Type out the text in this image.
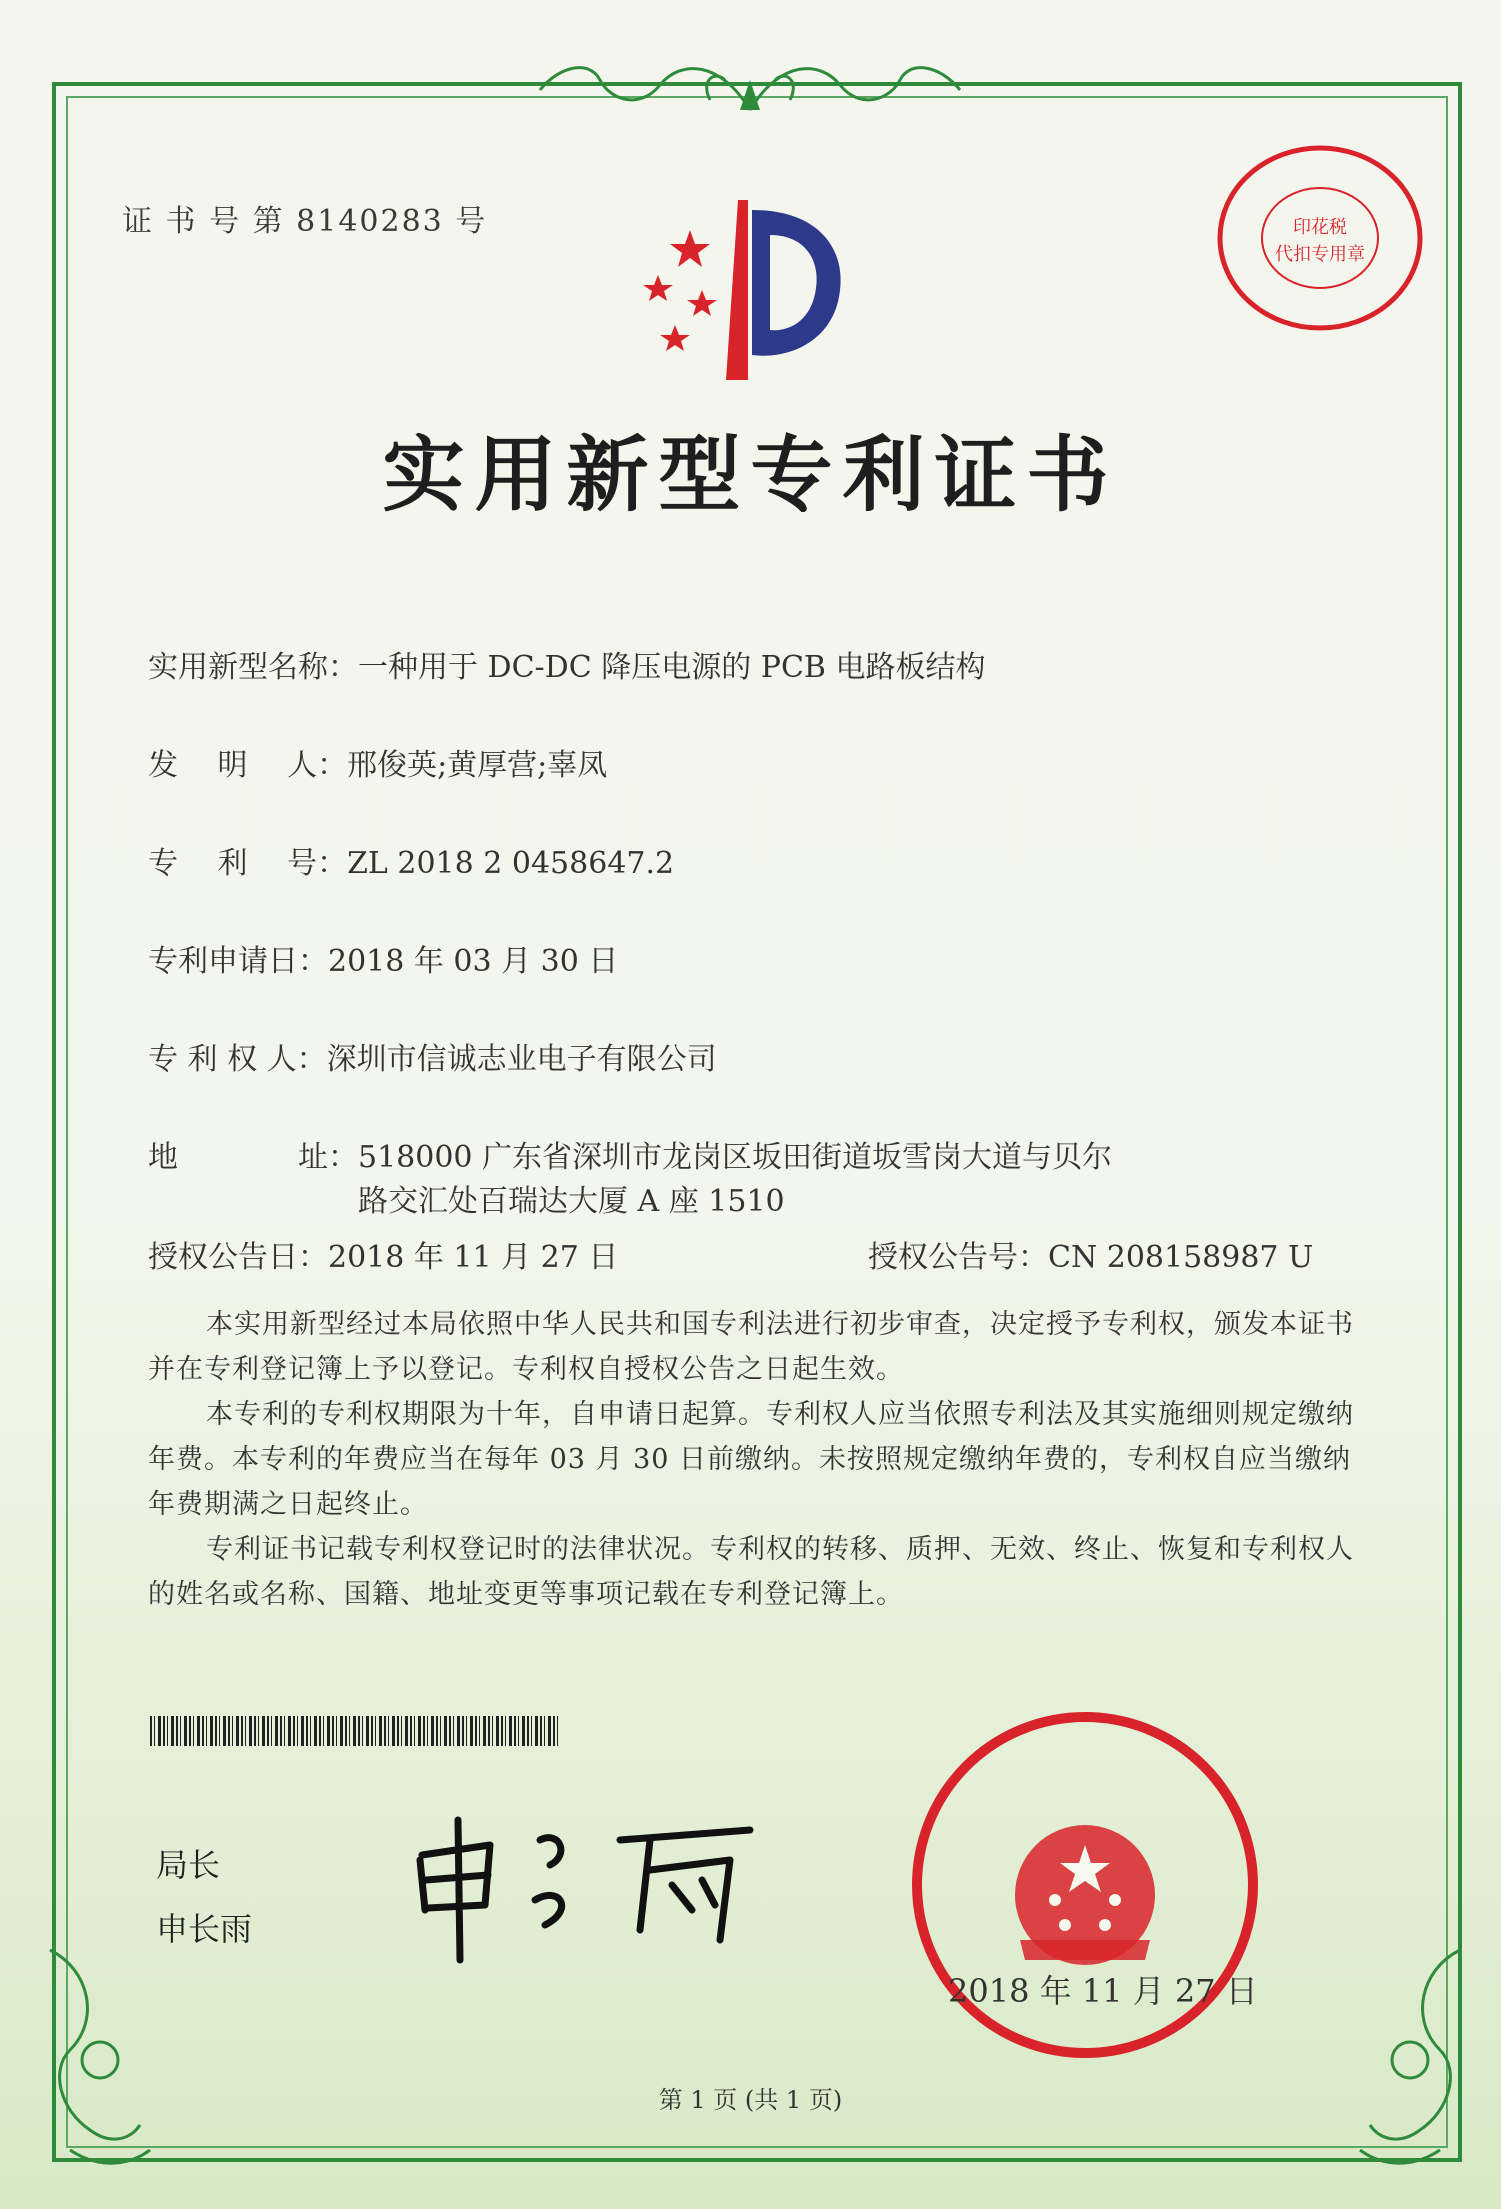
证 书 号 第 8140283 号	印花税
代扣专用章
实用新型专利证书
实用新型名称：一种用于 DC-DC 降压电源的 PCB 电路板结构
发　 明　 人：邢俊英;黄厚营;辜凤
专　 利　 号：ZL 2018 2 0458647.2
专利申请日：2018 年 03 月 30 日
专 利 权 人：深圳市信诚志业电子有限公司
地　　　　址：518000 广东省深圳市龙岗区坂田街道坂雪岗大道与贝尔
路交汇处百瑞达大厦 A 座 1510
授权公告日：2018 年 11 月 27 日	授权公告号：CN 208158987 U

本实用新型经过本局依照中华人民共和国专利法进行初步审查，决定授予专利权，颁发本证书并在专利登记簿上予以登记。专利权自授权公告之日起生效。

本专利的专利权期限为十年，自申请日起算。专利权人应当依照专利法及其实施细则规定缴纳年费。本专利的年费应当在每年 03 月 30 日前缴纳。未按照规定缴纳年费的，专利权自应当缴纳年费期满之日起终止。

专利证书记载专利权登记时的法律状况。专利权的转移、质押、无效、终止、恢复和专利权人的姓名或名称、国籍、地址变更等事项记载在专利登记簿上。

局长
申长雨
2018 年 11 月 27 日
第 1 页 (共 1 页)
